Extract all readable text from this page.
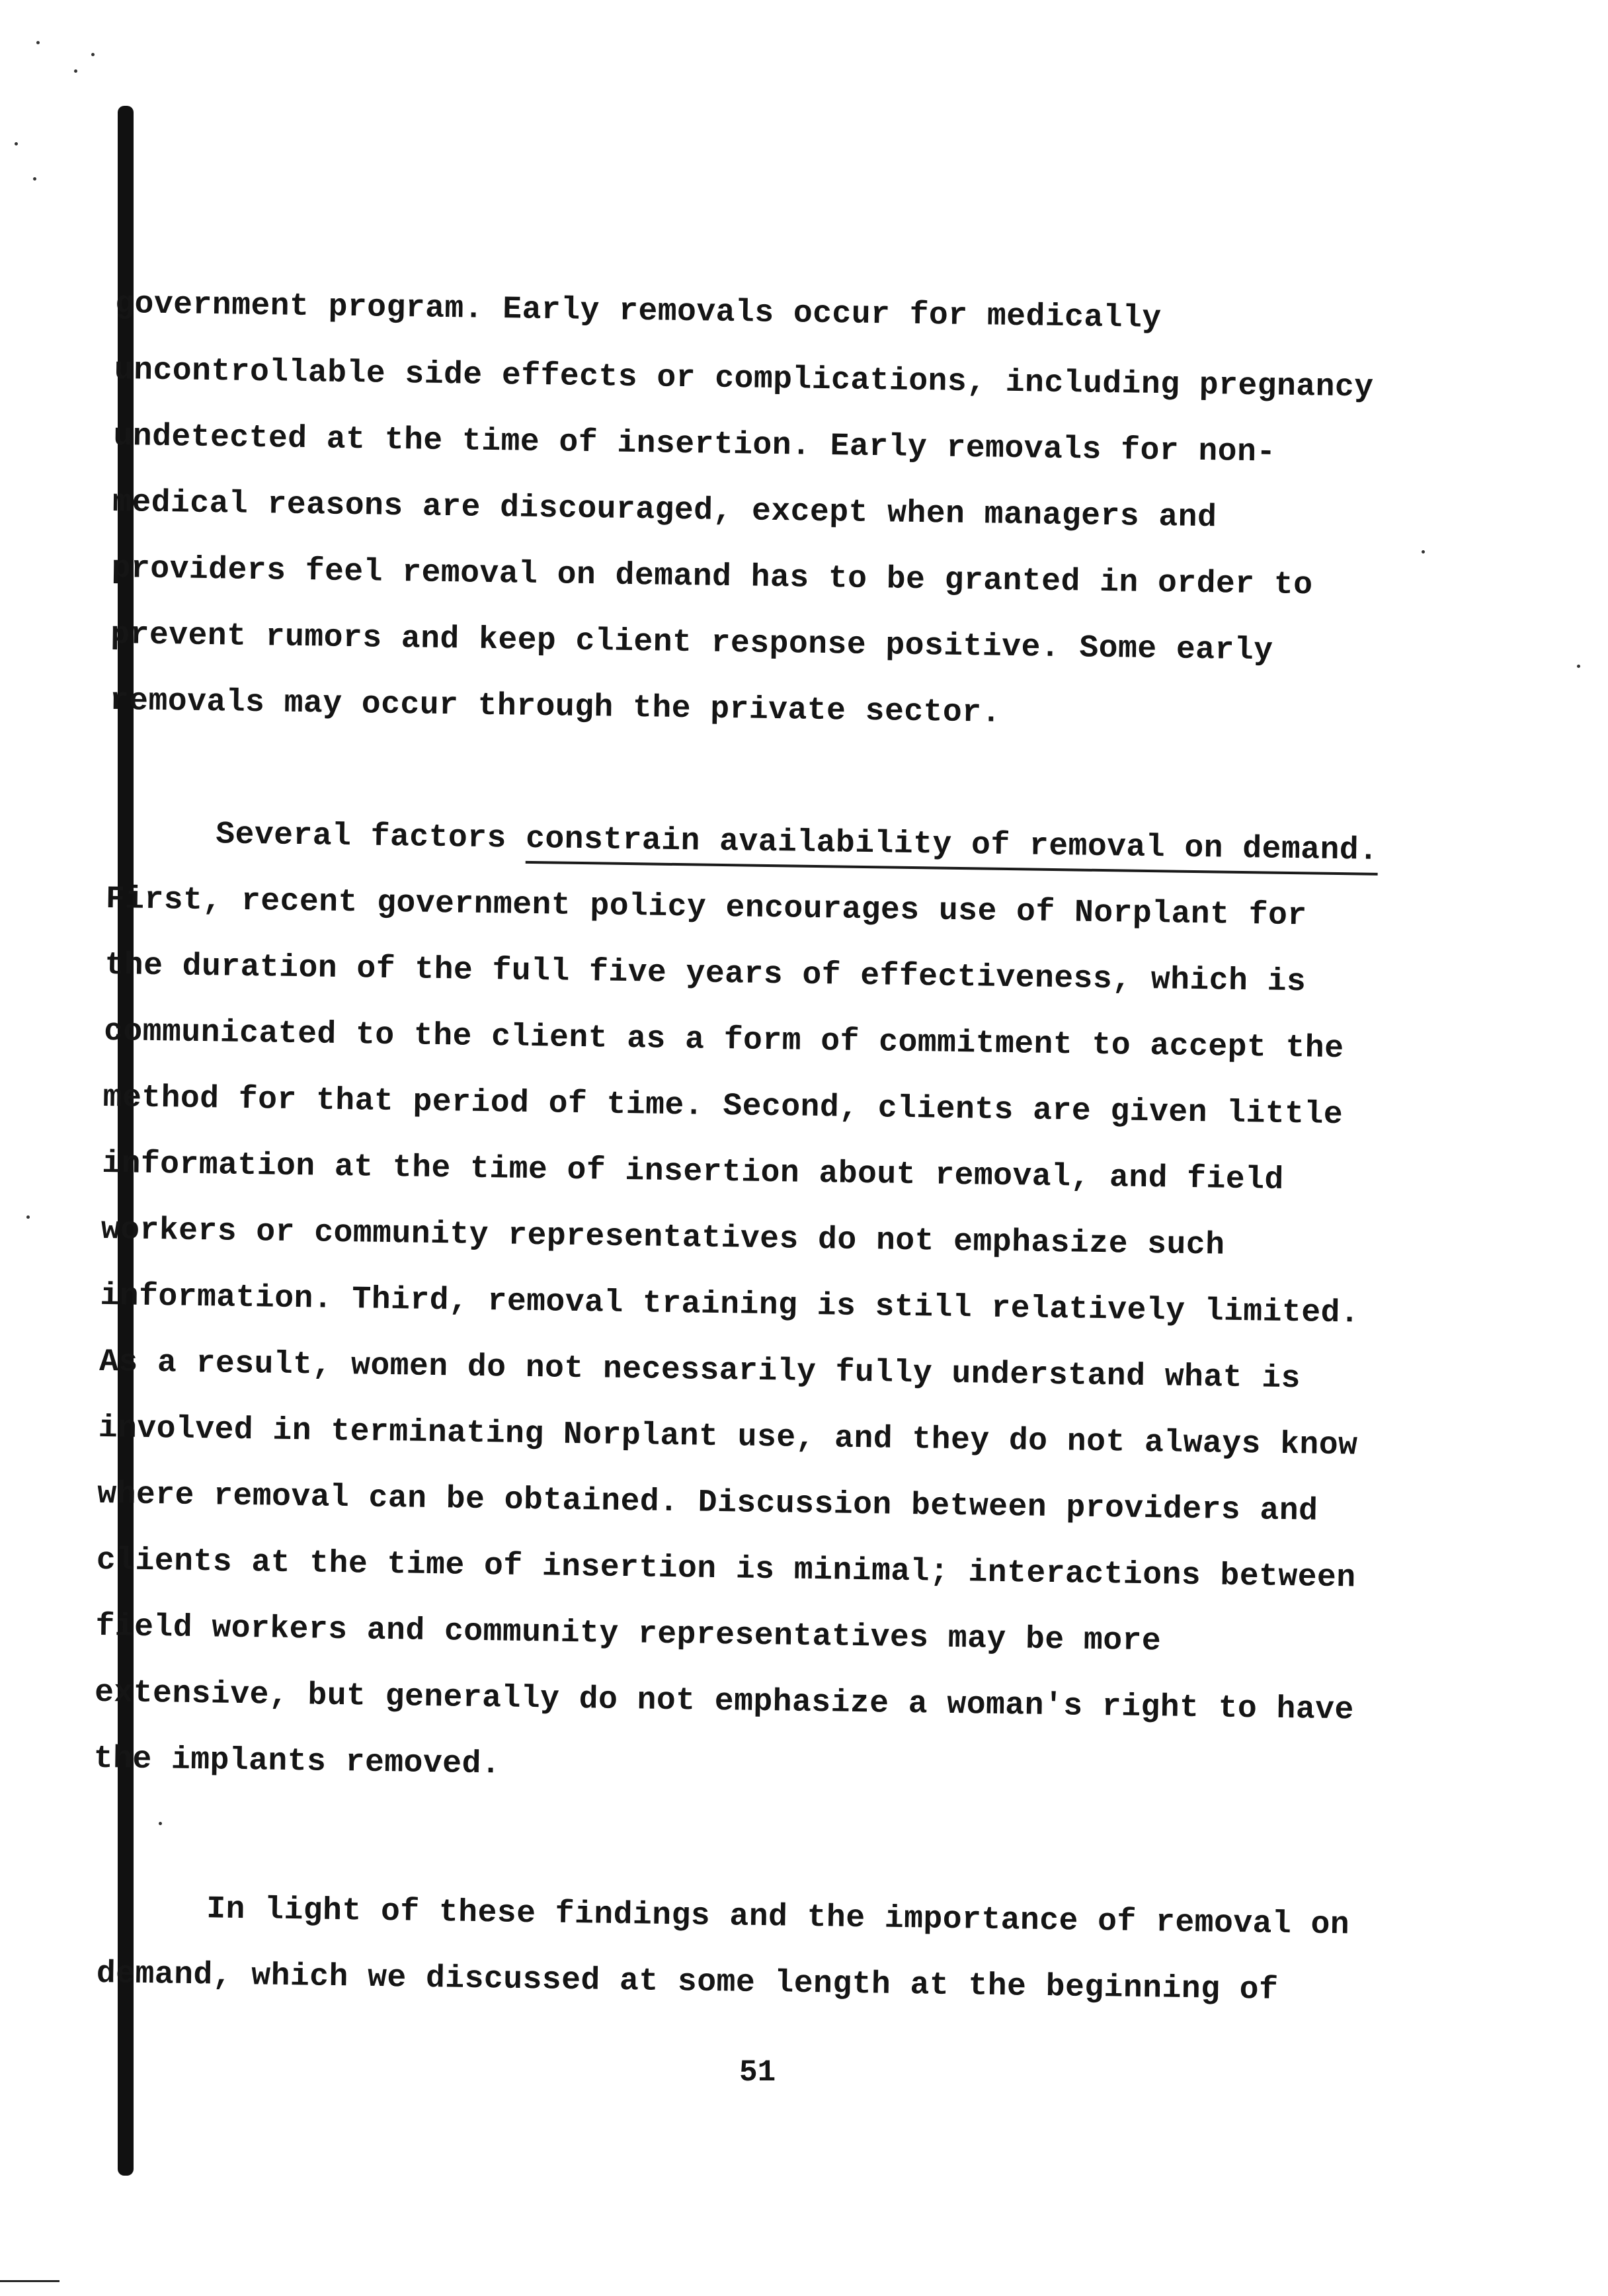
government program. Early removals occur for medically
uncontrollable side effects or complications, including pregnancy
undetected at the time of insertion. Early removals for non-
medical reasons are discouraged, except when managers and
providers feel removal on demand has to be granted in order to
prevent rumors and keep client response positive. Some early
removals may occur through the private sector.
Several factors constrain availability of removal on demand.
First, recent government policy encourages use of Norplant for
the duration of the full five years of effectiveness, which is
communicated to the client as a form of commitment to accept the
method for that period of time. Second, clients are given little
information at the time of insertion about removal, and field
workers or community representatives do not emphasize such
information. Third, removal training is still relatively limited.
As a result, women do not necessarily fully understand what is
involved in terminating Norplant use, and they do not always know
where removal can be obtained. Discussion between providers and
clients at the time of insertion is minimal; interactions between
field workers and community representatives may be more
extensive, but generally do not emphasize a woman's right to have
the implants removed.
In light of these findings and the importance of removal on
demand, which we discussed at some length at the beginning of
51
